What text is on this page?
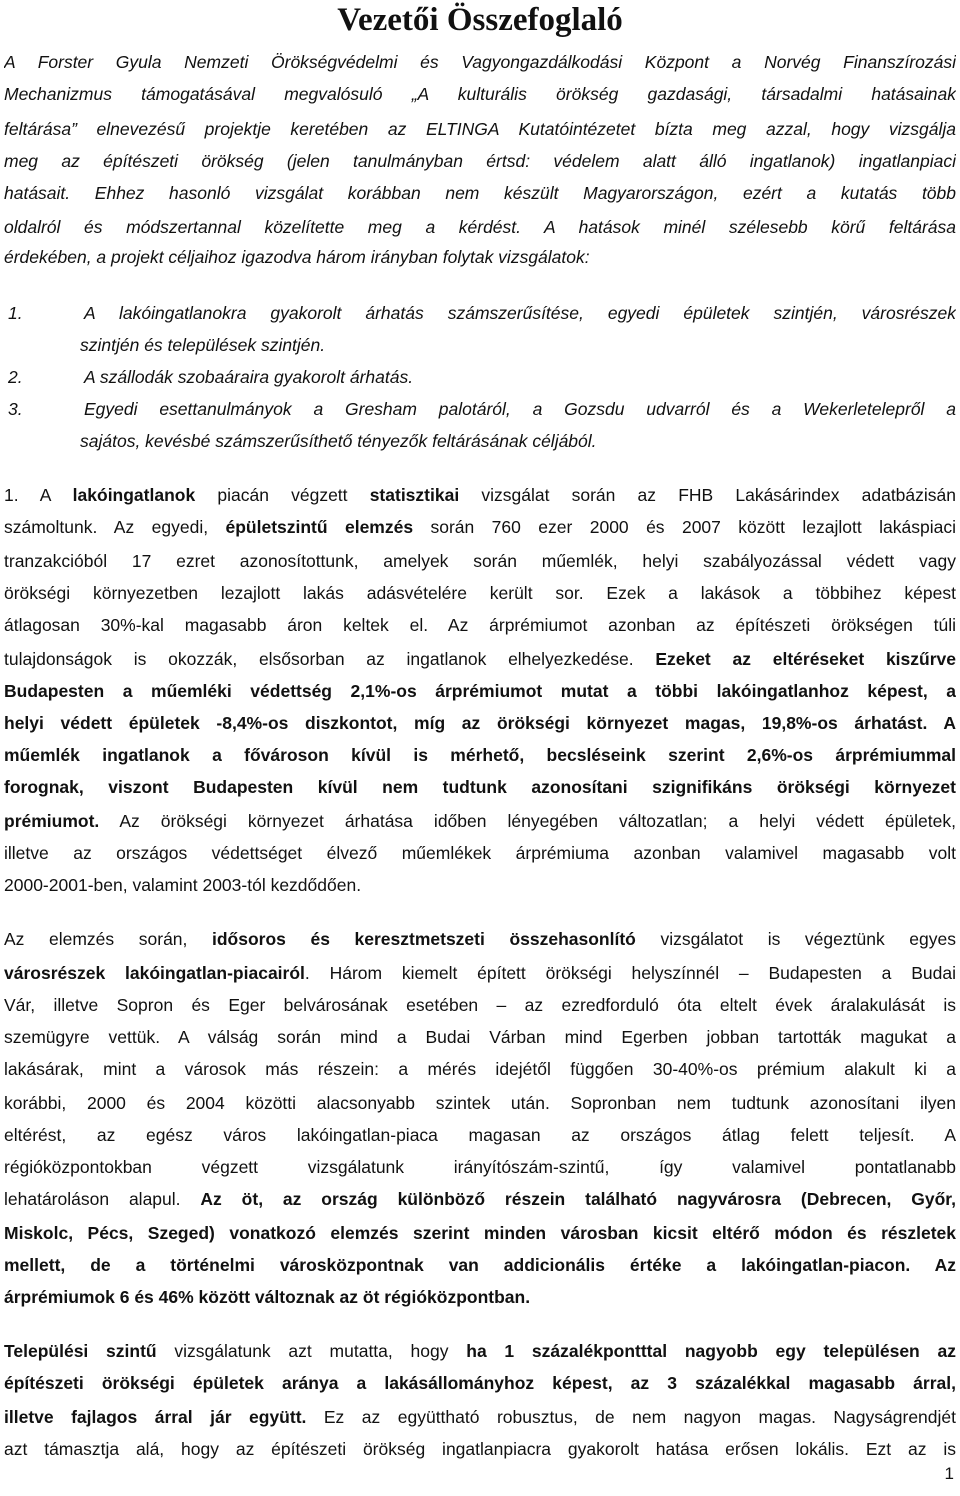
Vezetői Összefoglaló
A Forster Gyula Nemzeti Örökségvédelmi és Vagyongazdálkodási Központ a Norvég Finanszírozási
Mechanizmus támogatásával megvalósuló „A kulturális örökség gazdasági, társadalmi hatásainak
feltárása” elnevezésű projektje keretében az ELTINGA Kutatóintézetet bízta meg azzal, hogy vizsgálja
meg az építészeti örökség (jelen tanulmányban értsd: védelem alatt álló ingatlanok) ingatlanpiaci
hatásait. Ehhez hasonló vizsgálat korábban nem készült Magyarországon, ezért a kutatás több
oldalról és módszertannal közelítette meg a kérdést. A hatások minél szélesebb körű feltárása
érdekében, a projekt céljaihoz igazodva három irányban folytak vizsgálatok:
1.	A lakóingatlanokra gyakorolt árhatás számszerűsítése, egyedi épületek szintjén, városrészek
szintjén és települések szintjén.
2.	A szállodák szobaáraira gyakorolt árhatás.
3.	Egyedi esettanulmányok a Gresham palotáról, a Gozsdu udvarról és a Wekerletelepről a
sajátos, kevésbé számszerűsíthető tényezők feltárásának céljából.
1. A lakóingatlanok piacán végzett statisztikai vizsgálat során az FHB Lakásárindex adatbázisán
számoltunk. Az egyedi, épületszintű elemzés során 760 ezer 2000 és 2007 között lezajlott lakáspiaci
tranzakcióból 17 ezret azonosítottunk, amelyek során műemlék, helyi szabályozással védett vagy
örökségi környezetben lezajlott lakás adásvételére került sor. Ezek a lakások a többihez képest
átlagosan 30%-kal magasabb áron keltek el. Az árprémiumot azonban az építészeti örökségen túli
tulajdonságok is okozzák, elsősorban az ingatlanok elhelyezkedése. Ezeket az eltéréseket kiszűrve
Budapesten a műemléki védettség 2,1%-os árprémiumot mutat a többi lakóingatlanhoz képest, a
helyi védett épületek -8,4%-os diszkontot, míg az örökségi környezet magas, 19,8%-os árhatást. A
műemlék ingatlanok a fővároson kívül is mérhető, becsléseink szerint 2,6%-os árprémiummal
forognak, viszont Budapesten kívül nem tudtunk azonosítani szignifikáns örökségi környezet
prémiumot. Az örökségi környezet árhatása időben lényegében változatlan; a helyi védett épületek,
illetve az országos védettséget élvező műemlékek árprémiuma azonban valamivel magasabb volt
2000-2001-ben, valamint 2003-tól kezdődően.
Az elemzés során, idősoros és keresztmetszeti összehasonlító vizsgálatot is végeztünk egyes
városrészek lakóingatlan-piacairól. Három kiemelt épített örökségi helyszínnél – Budapesten a Budai
Vár, illetve Sopron és Eger belvárosának esetében – az ezredforduló óta eltelt évek áralakulását is
szemügyre vettük. A válság során mind a Budai Várban mind Egerben jobban tartották magukat a
lakásárak, mint a városok más részein: a mérés idejétől függően 30-40%-os prémium alakult ki a
korábbi, 2000 és 2004 közötti alacsonyabb szintek után. Sopronban nem tudtunk azonosítani ilyen
eltérést, az egész város lakóingatlan-piaca magasan az országos átlag felett teljesít. A
régióközpontokban végzett vizsgálatunk irányítószám-szintű, így valamivel pontatlanabb
lehatároláson alapul. Az öt, az ország különböző részein található nagyvárosra (Debrecen, Győr,
Miskolc, Pécs, Szeged) vonatkozó elemzés szerint minden városban kicsit eltérő módon és részletek
mellett, de a történelmi városközpontnak van addicionális értéke a lakóingatlan-piacon. Az
árprémiumok 6 és 46% között változnak az öt régióközpontban.
Települési szintű vizsgálatunk azt mutatta, hogy ha 1 százalékpontttal nagyobb egy településen az
építészeti örökségi épületek aránya a lakásállományhoz képest, az 3 százalékkal magasabb árral,
illetve fajlagos árral jár együtt. Ez az együttható robusztus, de nem nagyon magas. Nagyságrendjét
azt támasztja alá, hogy az építészeti örökség ingatlanpiacra gyakorolt hatása erősen lokális. Ezt az is
1
